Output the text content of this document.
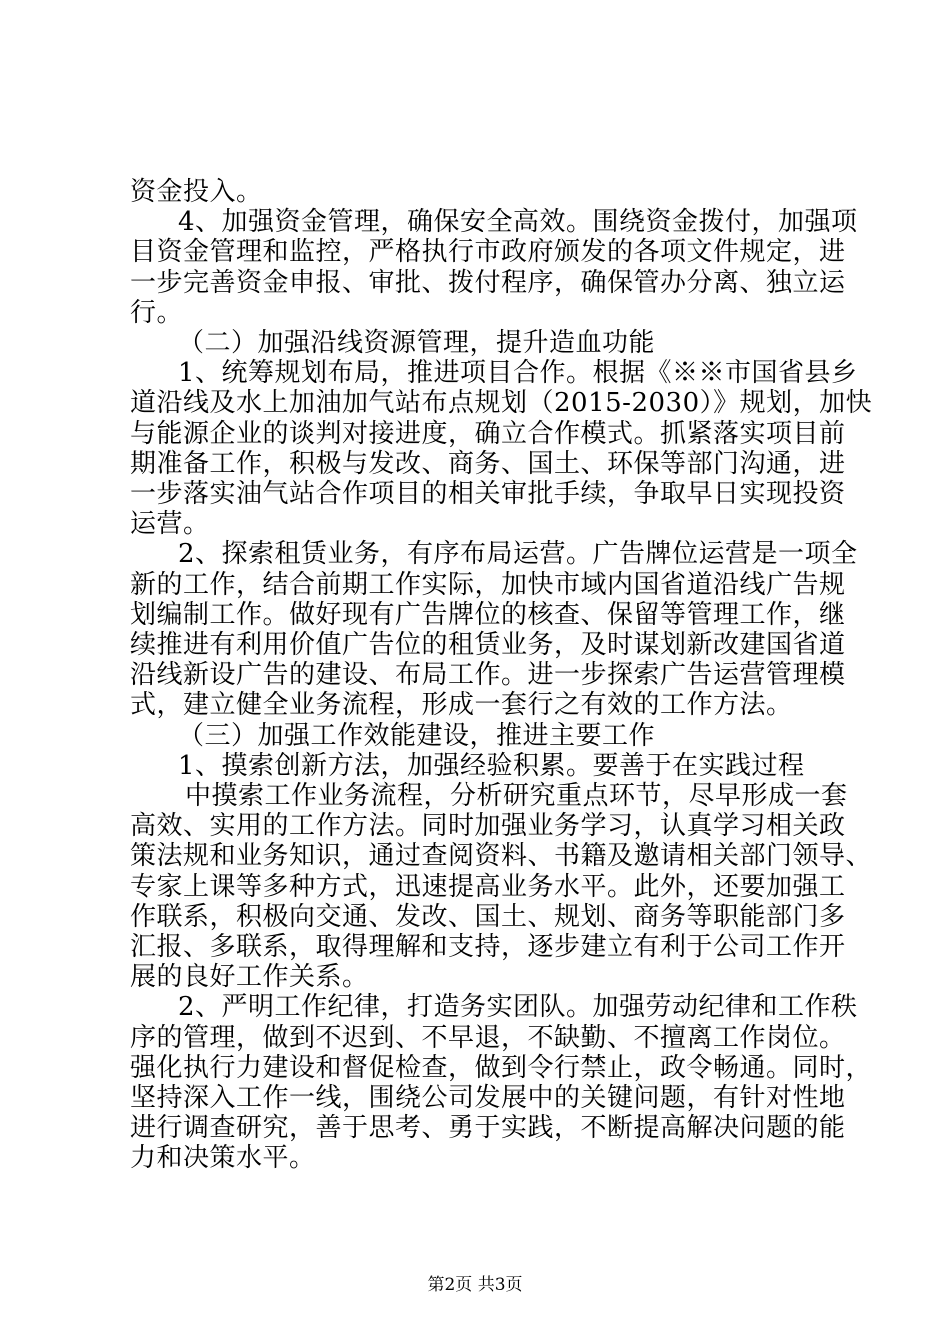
资金投入。
4、加强资金管理，确保安全高效。围绕资金拨付，加强项
目资金管理和监控，严格执行市政府颁发的各项文件规定，进
一步完善资金申报、审批、拨付程序，确保管办分离、独立运
行。
（二）加强沿线资源管理，提升造血功能
1、统筹规划布局，推进项目合作。根据《※※市国省县乡
道沿线及水上加油加气站布点规划（2015-2030）》规划，加快
与能源企业的谈判对接进度，确立合作模式。抓紧落实项目前
期准备工作，积极与发改、商务、国土、环保等部门沟通，进
一步落实油气站合作项目的相关审批手续，争取早日实现投资
运营。
2、探索租赁业务，有序布局运营。广告牌位运营是一项全
新的工作，结合前期工作实际，加快市域内国省道沿线广告规
划编制工作。做好现有广告牌位的核查、保留等管理工作，继
续推进有利用价值广告位的租赁业务，及时谋划新改建国省道
沿线新设广告的建设、布局工作。进一步探索广告运营管理模
式，建立健全业务流程，形成一套行之有效的工作方法。
（三）加强工作效能建设，推进主要工作
1、摸索创新方法，加强经验积累。要善于在实践过程
中摸索工作业务流程，分析研究重点环节，尽早形成一套
高效、实用的工作方法。同时加强业务学习，认真学习相关政
策法规和业务知识，通过查阅资料、书籍及邀请相关部门领导、
专家上课等多种方式，迅速提高业务水平。此外，还要加强工
作联系，积极向交通、发改、国土、规划、商务等职能部门多
汇报、多联系，取得理解和支持，逐步建立有利于公司工作开
展的良好工作关系。
2、严明工作纪律，打造务实团队。加强劳动纪律和工作秩
序的管理，做到不迟到、不早退，不缺勤、不擅离工作岗位。
强化执行力建设和督促检查，做到令行禁止，政令畅通。同时，
坚持深入工作一线，围绕公司发展中的关键问题，有针对性地
进行调查研究，善于思考、勇于实践，不断提高解决问题的能
力和决策水平。
第2页 共3页
